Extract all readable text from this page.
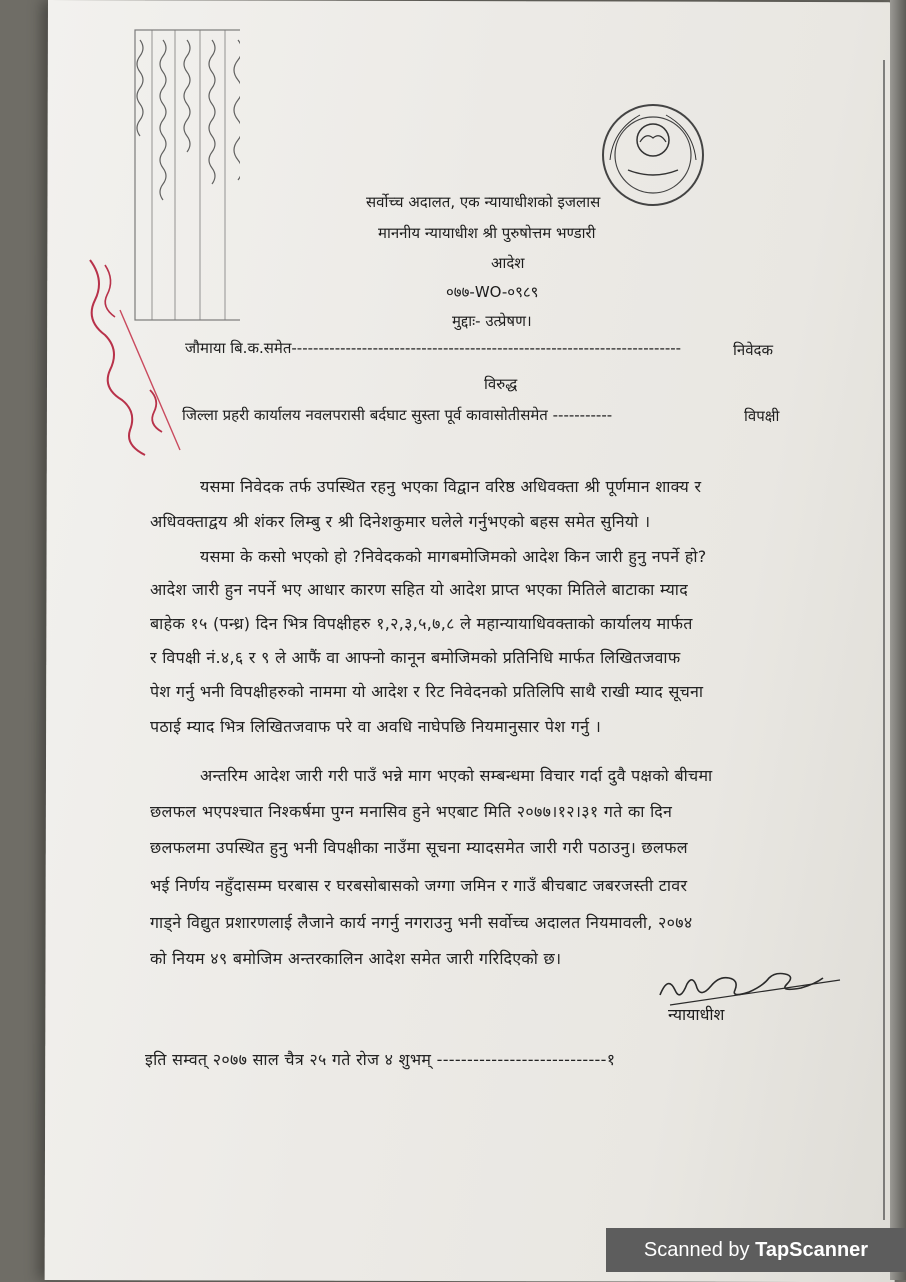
सर्वोच्च अदालत, एक न्यायाधीशको इजलास
माननीय न्यायाधीश श्री पुरुषोत्तम भण्डारी
आदेश
०७७-WO-०९८९
मुद्दाः- उत्प्रेषण।
जौमाया बि.क.समेत------------------------------------------------------------------------	निवेदक
विरुद्ध
जिल्ला प्रहरी कार्यालय नवलपरासी बर्दघाट सुस्ता पूर्व कावासोतीसमेत -----------	विपक्षी
यसमा निवेदक तर्फ उपस्थित रहनु भएका विद्वान वरिष्ठ अधिवक्ता श्री पूर्णमान शाक्य र
अधिवक्ताद्वय श्री शंकर लिम्बु र श्री दिनेशकुमार घलेले गर्नुभएको बहस समेत सुनियो ।
यसमा के कसो भएको हो ?निवेदकको मागबमोजिमको आदेश किन जारी हुनु नपर्ने हो?
आदेश जारी हुन नपर्ने भए आधार कारण सहित यो आदेश प्राप्त भएका मितिले बाटाका म्याद
बाहेक १५ (पन्ध्र) दिन भित्र विपक्षीहरु १,२,३,५,७,८ ले महान्यायाधिवक्ताको कार्यालय मार्फत
र विपक्षी नं.४,६ र ९ ले आफैं वा आफ्नो कानून बमोजिमको प्रतिनिधि मार्फत लिखितजवाफ
पेश गर्नु भनी विपक्षीहरुको नाममा यो आदेश र रिट निवेदनको प्रतिलिपि साथै राखी म्याद सूचना
पठाई म्याद भित्र लिखितजवाफ परे वा अवधि नाघेपछि नियमानुसार पेश गर्नु ।
अन्तरिम आदेश जारी गरी पाउँ भन्ने माग भएको सम्बन्धमा विचार गर्दा दुवै पक्षको बीचमा
छलफल भएपश्चात निश्कर्षमा पुग्न मनासिव हुने भएबाट मिति २०७७।१२।३१ गते का दिन
छलफलमा उपस्थित हुनु भनी विपक्षीका नाउँमा सूचना म्यादसमेत जारी गरी पठाउनु। छलफल
भई निर्णय नहुँदासम्म घरबास र घरबसोबासको जग्गा जमिन र गाउँ बीचबाट जबरजस्ती टावर
गाड्ने विद्युत प्रशारणलाई लैजाने कार्य नगर्नु नगराउनु भनी सर्वोच्च अदालत नियमावली, २०७४
को नियम ४९ बमोजिम अन्तरकालिन आदेश समेत जारी गरिदिएको छ।
न्यायाधीश
इति सम्वत् २०७७ साल चैत्र २५ गते रोज ४ शुभम् ----------------------------१
Scanned by TapScanner
